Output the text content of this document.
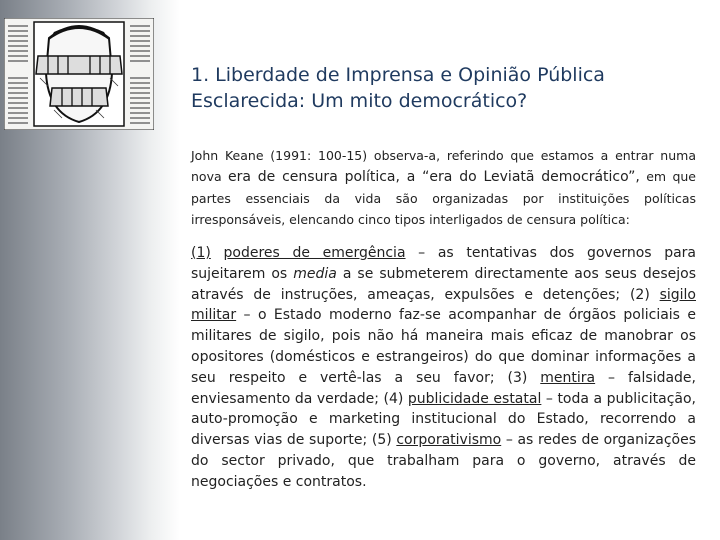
1. Liberdade de Imprensa e Opinião Pública
Esclarecida: Um mito democrático?
John Keane (1991: 100-15) observa-a, referindo que estamos a entrar numa nova era de censura política, a “era do Leviatã democrático”, em que partes essenciais da vida são organizadas por instituições políticas irresponsáveis, elencando cinco tipos interligados de censura política:
(1) poderes de emergência – as tentativas dos governos para sujeitarem os media a se submeterem directamente aos seus desejos através de instruções, ameaças, expulsões e detenções; (2) sigilo militar – o Estado moderno faz-se acompanhar de órgãos policiais e militares de sigilo, pois não há maneira mais eficaz de manobrar os opositores (domésticos e estrangeiros) do que dominar informações a seu respeito e vertê-las a seu favor; (3) mentira – falsidade, enviesamento da verdade; (4) publicidade estatal – toda a publicitação, auto-promoção e marketing institucional do Estado, recorrendo a diversas vias de suporte; (5) corporativismo – as redes de organizações do sector privado, que trabalham para o governo, através de negociações e contratos.
